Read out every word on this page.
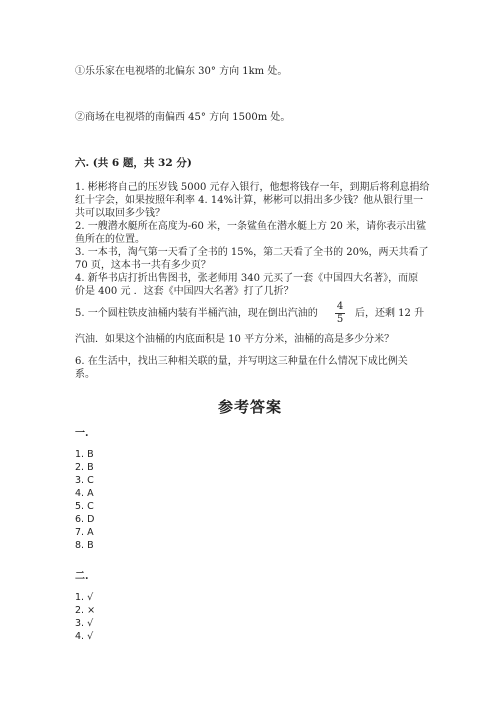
①乐乐家在电视塔的北偏东 30° 方向 1km 处。
②商场在电视塔的南偏西 45° 方向 1500m 处。
六. (共 6 题，共 32 分)
1. 彬彬将自己的压岁钱 5000 元存入银行，他想将钱存一年，到期后将利息捐给
红十字会，如果按照年利率 4. 14%计算，彬彬可以捐出多少钱？他从银行里一
共可以取回多少钱？
2. 一艘潜水艇所在高度为-60 米，一条鲨鱼在潜水艇上方 20 米，请你表示出鲨
鱼所在的位置。
3. 一本书，淘气第一天看了全书的 15%，第二天看了全书的 20%，两天共看了
70 页，这本书一共有多少页？
4. 新华书店打折出售图书，张老师用 340 元买了一套《中国四大名著》，而原
价是 400 元 ．这套《中国四大名著》打了几折？
5. 一个圆柱铁皮油桶内装有半桶汽油，现在倒出汽油的
4
5
后，还剩 12 升
汽油．如果这个油桶的内底面积是 10 平方分米，油桶的高是多少分米？
6. 在生活中，找出三种相关联的量，并写明这三种量在什么情况下成比例关
系。
参考答案
一.
1. B
2. B
3. C
4. A
5. C
6. D
7. A
8. B
二.
1. √
2. ×
3. √
4. √
